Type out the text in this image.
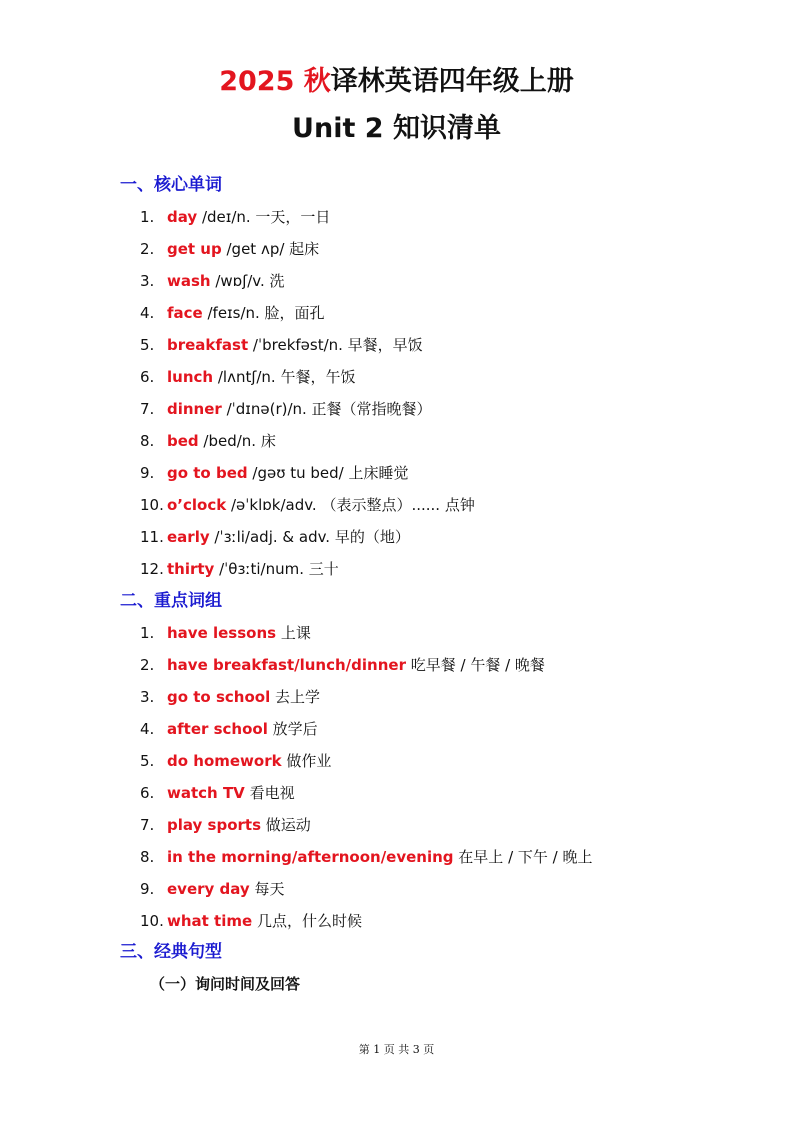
2025 秋译林英语四年级上册
Unit 2 知识清单
一、核心单词
1. day /deɪ/n. 一天，一日
2. get up /get ʌp/ 起床
3. wash /wɒʃ/v. 洗
4. face /feɪs/n. 脸，面孔
5. breakfast /ˈbrekfəst/n. 早餐，早饭
6. lunch /lʌntʃ/n. 午餐，午饭
7. dinner /ˈdɪnə(r)/n. 正餐（常指晚餐）
8. bed /bed/n. 床
9. go to bed /gəʊ tu bed/ 上床睡觉
10. o’clock /əˈklɒk/adv. （表示整点）...... 点钟
11. early /ˈɜːli/adj. & adv. 早的（地）
12. thirty /ˈθɜːti/num. 三十
二、重点词组
1. have lessons 上课
2. have breakfast/lunch/dinner 吃早餐 / 午餐 / 晚餐
3. go to school 去上学
4. after school 放学后
5. do homework 做作业
6. watch TV 看电视
7. play sports 做运动
8. in the morning/afternoon/evening 在早上 / 下午 / 晚上
9. every day 每天
10. what time 几点，什么时候
三、经典句型
（一）询问时间及回答
第 1 页 共 3 页
